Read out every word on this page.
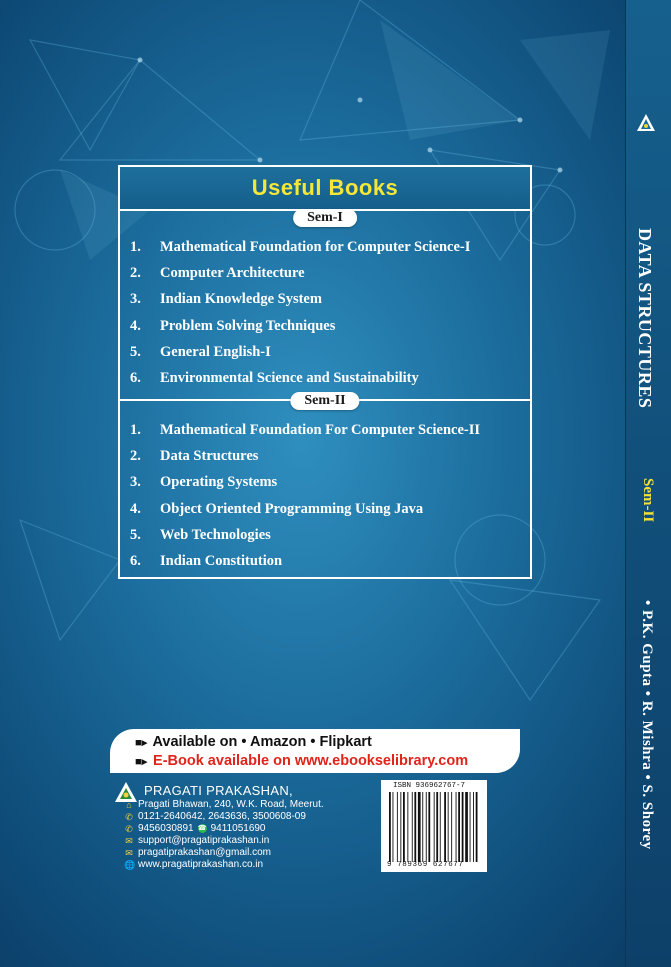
DATA STRUCTURES
Sem-II
• P.K. Gupta • R. Mishra • S. Shorey
Useful Books
Sem-I
1.	Mathematical Foundation for Computer Science-I
2.	Computer Architecture
3.	Indian Knowledge System
4.	Problem Solving Techniques
5.	General English-I
6.	Environmental Science and Sustainability
Sem-II
1.	Mathematical Foundation For Computer Science-II
2.	Data Structures
3.	Operating Systems
4.	Object Oriented Programming Using Java
5.	Web Technologies
6.	Indian Constitution
■▸ Available on • Amazon • Flipkart
■▸ E-Book available on www.ebookselibrary.com
PRAGATI PRAKASHAN,
⌂ Pragati Bhawan, 240, W.K. Road, Meerut.
✆ 0121-2640642, 2643636, 3500608-09
✆ 9456030891 ☎ 9411051690
✉ support@pragatiprakashan.in
✉ pragatiprakashan@gmail.com
🌐 www.pragatiprakashan.co.in
ISBN 936962767-7
9 789369 627677
